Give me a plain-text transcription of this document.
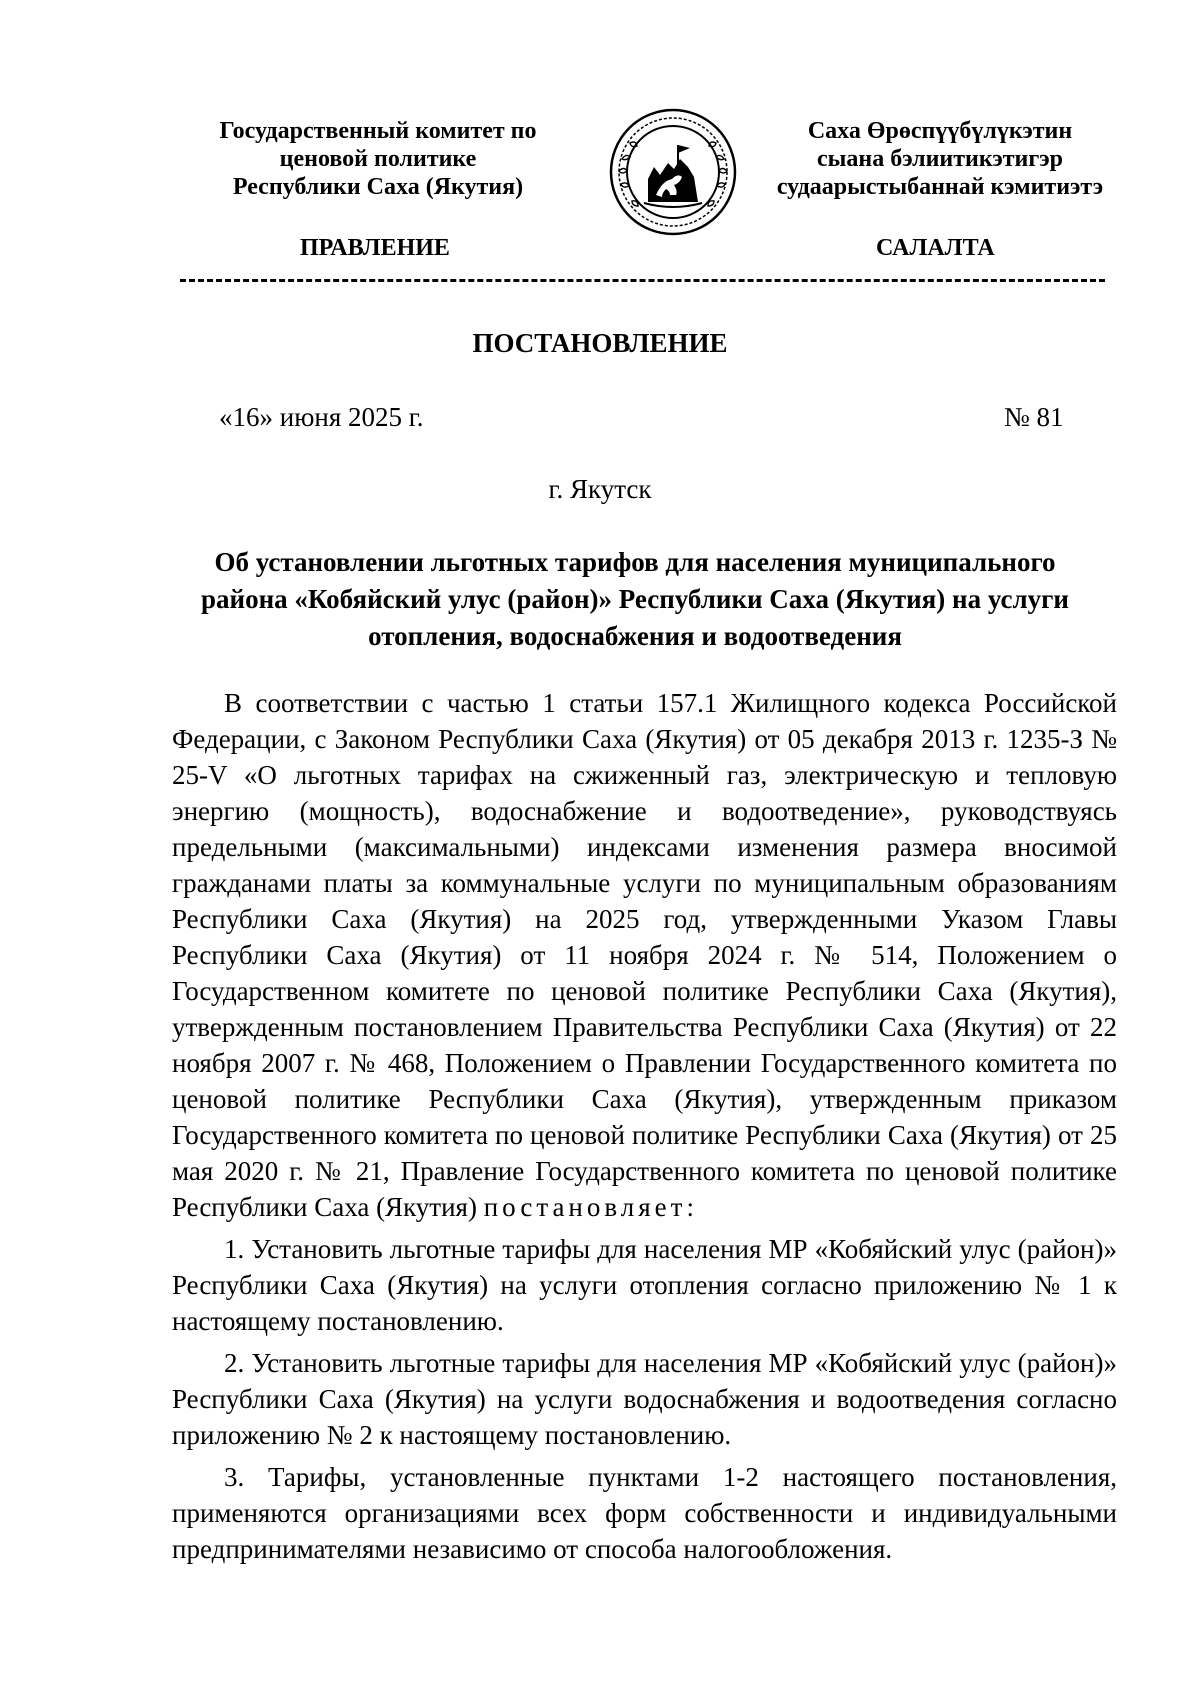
Государственный комитет по
ценовой политике
Республики Саха (Якутия)
Саха Өрөспүүбүлүкэтин
сыана бэлиитикэтигэр
судаарыстыбаннай кэмитиэтэ
ПРАВЛЕНИЕ	САЛАЛТА
ПОСТАНОВЛЕНИЕ
«16» июня 2025 г.	№ 81
г. Якутск
Об установлении льготных тарифов для населения муниципального
района «Кобяйский улус (район)» Республики Саха (Якутия) на услуги
отопления, водоснабжения и водоотведения

В соответствии с частью 1 статьи 157.1 Жилищного кодекса Российской Федерации, с Законом Республики Саха (Якутия) от 05 декабря 2013 г. 1235-З № 25-V «О льготных тарифах на сжиженный газ, электрическую и тепловую энергию (мощность), водоснабжение и водоотведение», руководствуясь предельными (максимальными) индексами изменения размера вносимой гражданами платы за коммунальные услуги по муниципальным образованиям Республики Саха (Якутия) на 2025 год, утвержденными Указом Главы Республики Саха (Якутия) от 11 ноября 2024 г. № 514, Положением о Государственном комитете по ценовой политике Республики Саха (Якутия), утвержденным постановлением Правительства Республики Саха (Якутия) от 22 ноября 2007 г. № 468, Положением о Правлении Государственного комитета по ценовой политике Республики Саха (Якутия), утвержденным приказом Государственного комитета по ценовой политике Республики Саха (Якутия) от 25 мая 2020 г. № 21, Правление Государственного комитета по ценовой политике Республики Саха (Якутия) постановляет:

1. Установить льготные тарифы для населения МР «Кобяйский улус (район)» Республики Саха (Якутия) на услуги отопления согласно приложению № 1 к настоящему постановлению.

2. Установить льготные тарифы для населения МР «Кобяйский улус (район)» Республики Саха (Якутия) на услуги водоснабжения и водоотведения согласно приложению № 2 к настоящему постановлению.

3. Тарифы, установленные пунктами 1-2 настоящего постановления, применяются организациями всех форм собственности и индивидуальными предпринимателями независимо от способа налогообложения.
